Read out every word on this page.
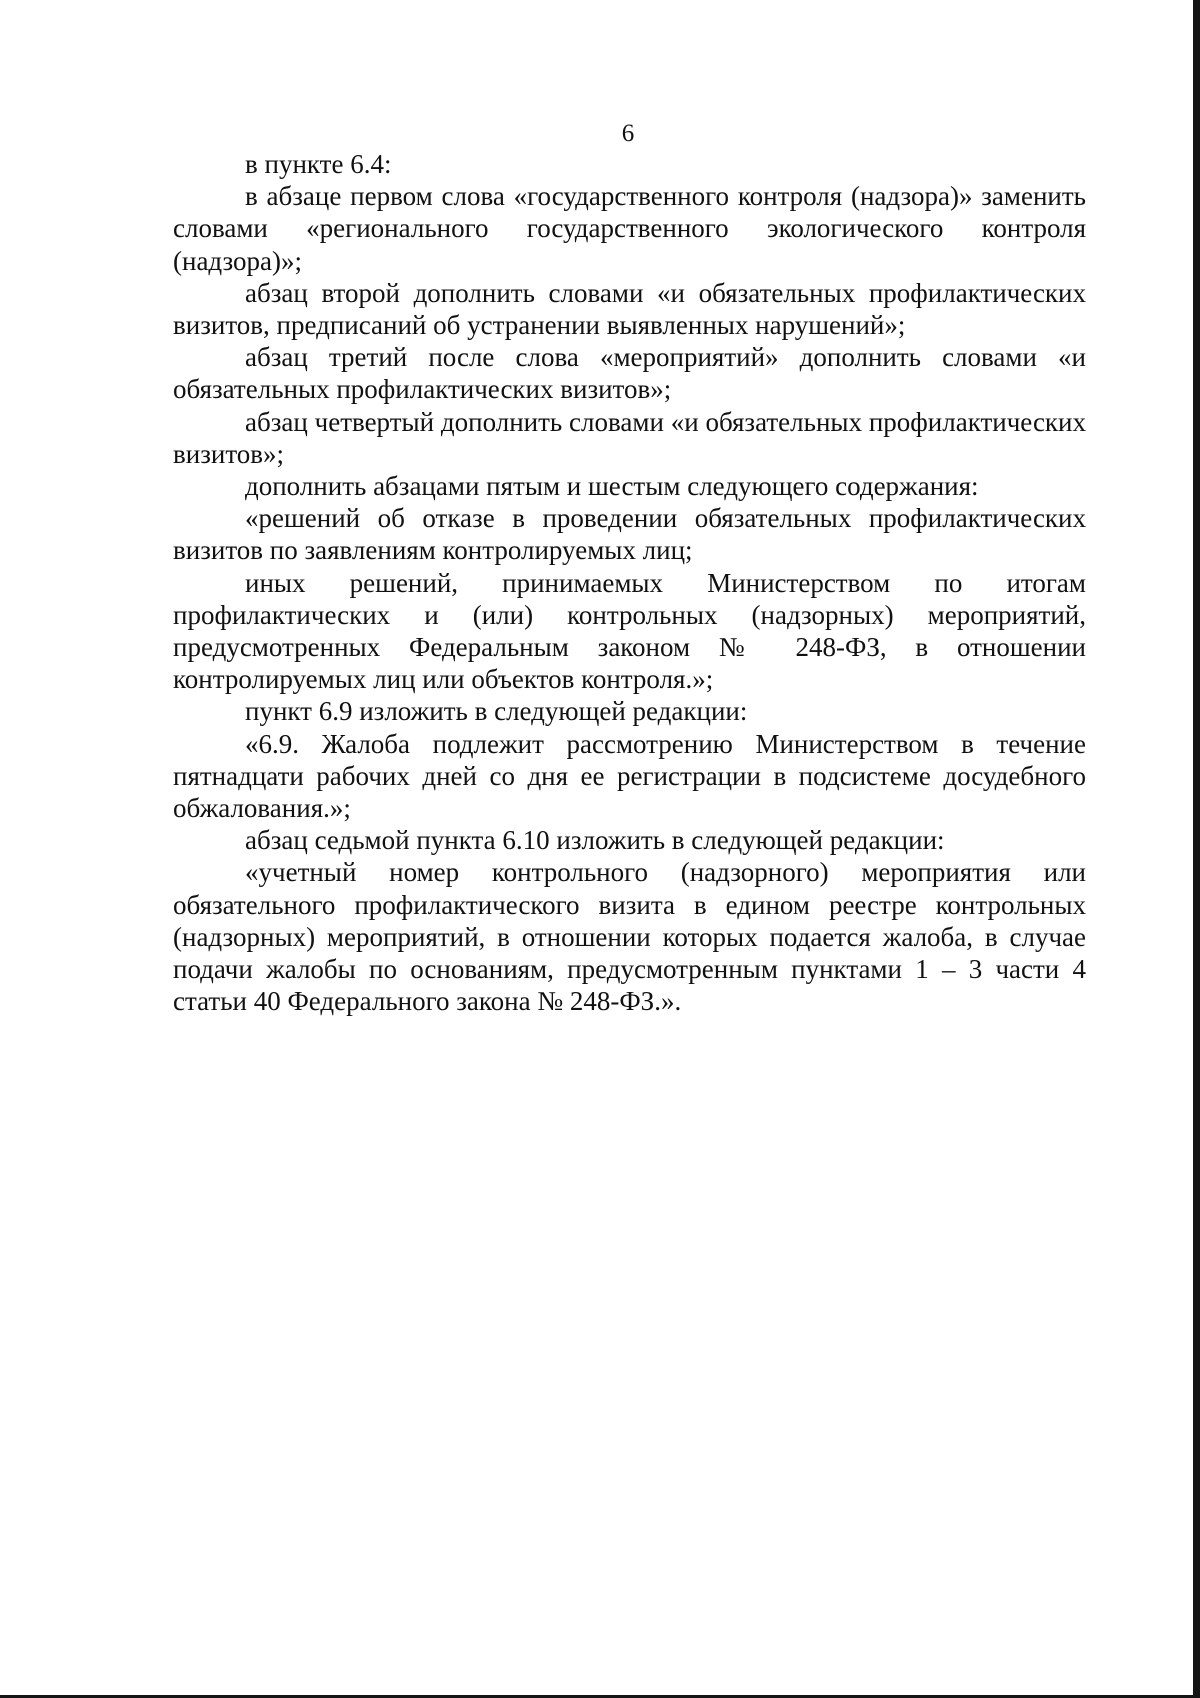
6

в пункте 6.4:

в абзаце первом слова «государственного контроля (надзора)» заменить словами «регионального государственного экологического контроля (надзора)»;

абзац второй дополнить словами «и обязательных профилактических визитов, предписаний об устранении выявленных нарушений»;

абзац третий после слова «мероприятий» дополнить словами «и обязательных профилактических визитов»;

абзац четвертый дополнить словами «и обязательных профилактических визитов»;

дополнить абзацами пятым и шестым следующего содержания:

«решений об отказе в проведении обязательных профилактических визитов по заявлениям контролируемых лиц;

иных решений, принимаемых Министерством по итогам профилактических и (или) контрольных (надзорных) мероприятий, предусмотренных Федеральным законом № 248-ФЗ, в отношении контролируемых лиц или объектов контроля.»;

пункт 6.9 изложить в следующей редакции:

«6.9. Жалоба подлежит рассмотрению Министерством в течение пятнадцати рабочих дней со дня ее регистрации в подсистеме досудебного обжалования.»;

абзац седьмой пункта 6.10 изложить в следующей редакции:

«учетный номер контрольного (надзорного) мероприятия или обязательного профилактического визита в едином реестре контрольных (надзорных) мероприятий, в отношении которых подается жалоба, в случае подачи жалобы по основаниям, предусмотренным пунктами 1 – 3 части 4 статьи 40 Федерального закона № 248-ФЗ.».
